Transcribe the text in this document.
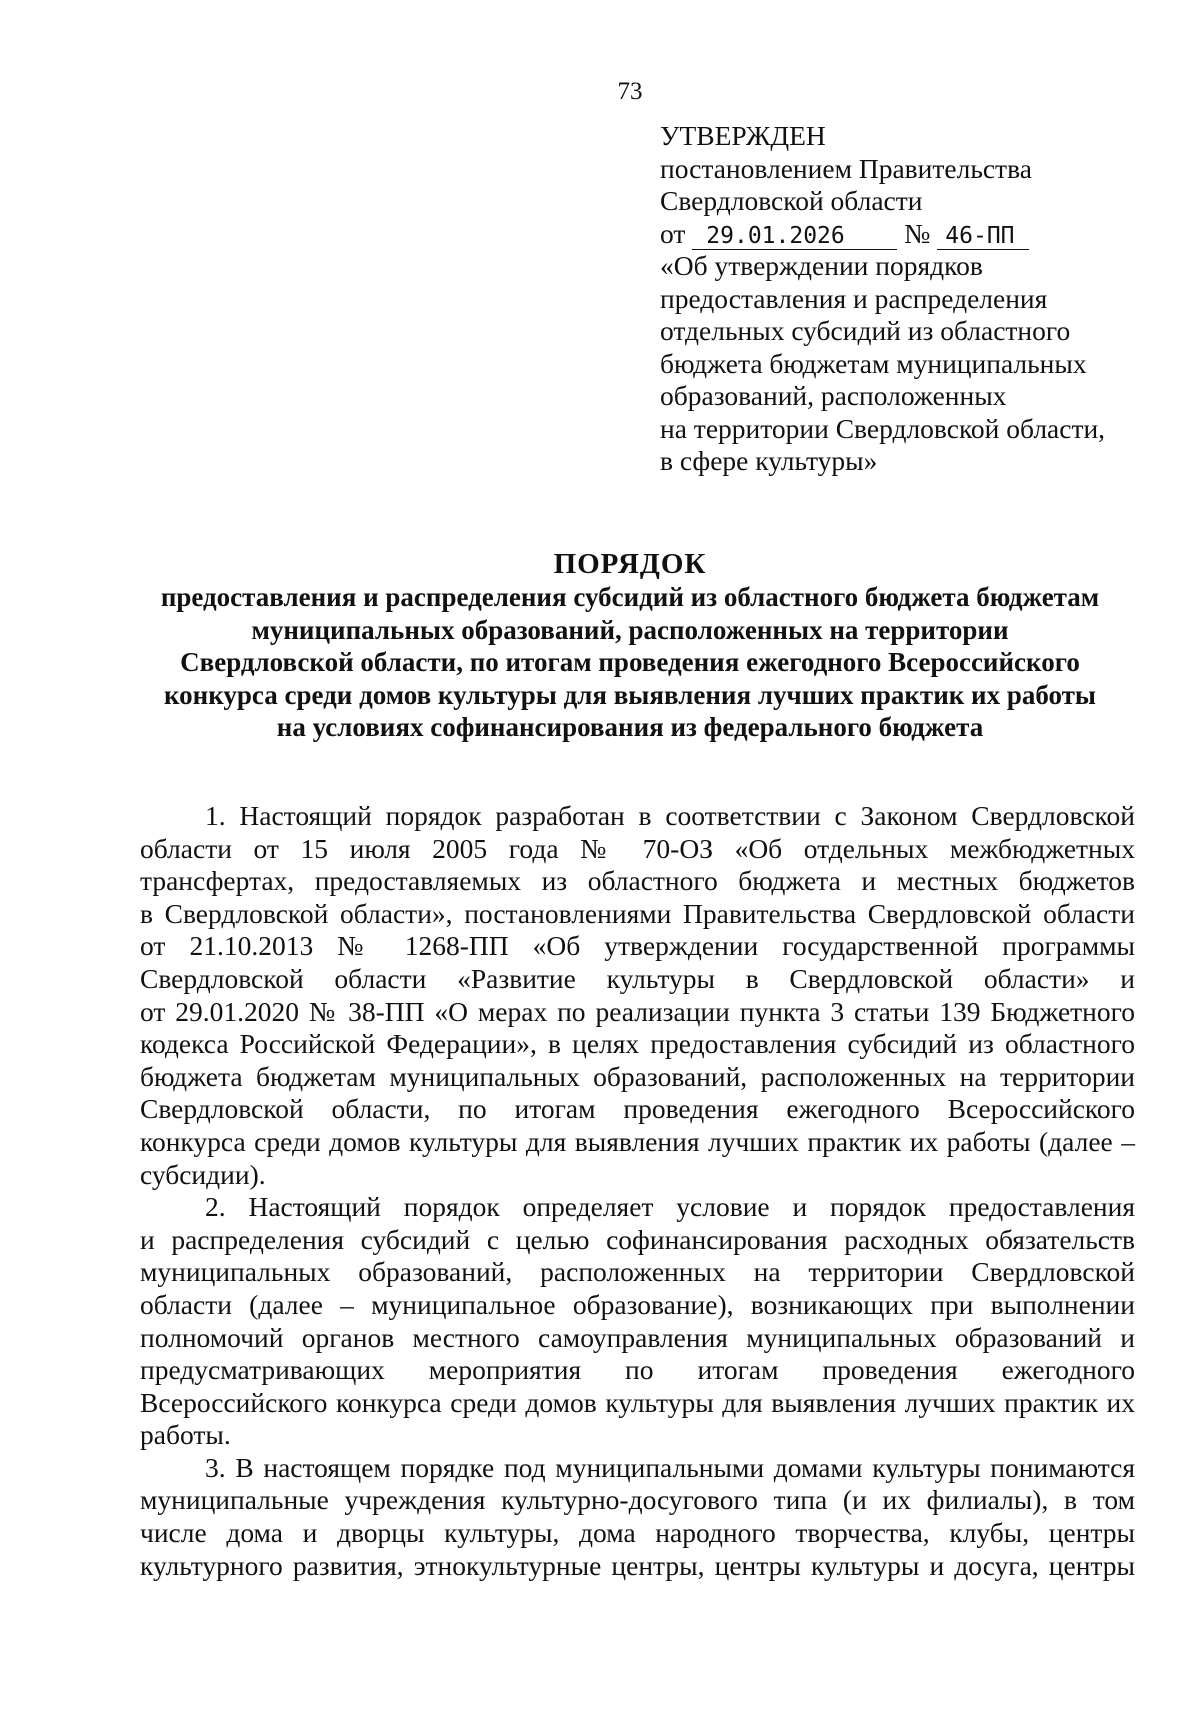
73
УТВЕРЖДЕН
постановлением Правительства
Свердловской области
от 29.01.2026 № 46-ПП
«Об утверждении порядков
предоставления и распределения
отдельных субсидий из областного
бюджета бюджетам муниципальных
образований, расположенных
на территории Свердловской области,
в сфере культуры»
ПОРЯДОК
предоставления и распределения субсидий из областного бюджета бюджетам
муниципальных образований, расположенных на территории
Свердловской области, по итогам проведения ежегодного Всероссийского
конкурса среди домов культуры для выявления лучших практик их работы
на условиях софинансирования из федерального бюджета
1. Настоящий порядок разработан в соответствии с Законом Свердловской
области от 15 июля 2005 года № 70-ОЗ «Об отдельных межбюджетных
трансфертах, предоставляемых из областного бюджета и местных бюджетов
в Свердловской области», постановлениями Правительства Свердловской области
от 21.10.2013 № 1268-ПП «Об утверждении государственной программы
Свердловской области «Развитие культуры в Свердловской области» и
от 29.01.2020 № 38-ПП «О мерах по реализации пункта 3 статьи 139 Бюджетного
кодекса Российской Федерации», в целях предоставления субсидий из областного
бюджета бюджетам муниципальных образований, расположенных на территории
Свердловской области, по итогам проведения ежегодного Всероссийского
конкурса среди домов культуры для выявления лучших практик их работы (далее –
субсидии).
2. Настоящий порядок определяет условие и порядок предоставления
и распределения субсидий с целью софинансирования расходных обязательств
муниципальных образований, расположенных на территории Свердловской
области (далее – муниципальное образование), возникающих при выполнении
полномочий органов местного самоуправления муниципальных образований и
предусматривающих мероприятия по итогам проведения ежегодного
Всероссийского конкурса среди домов культуры для выявления лучших практик их
работы.
3. В настоящем порядке под муниципальными домами культуры понимаются
муниципальные учреждения культурно-досугового типа (и их филиалы), в том
числе дома и дворцы культуры, дома народного творчества, клубы, центры
культурного развития, этнокультурные центры, центры культуры и досуга, центры
